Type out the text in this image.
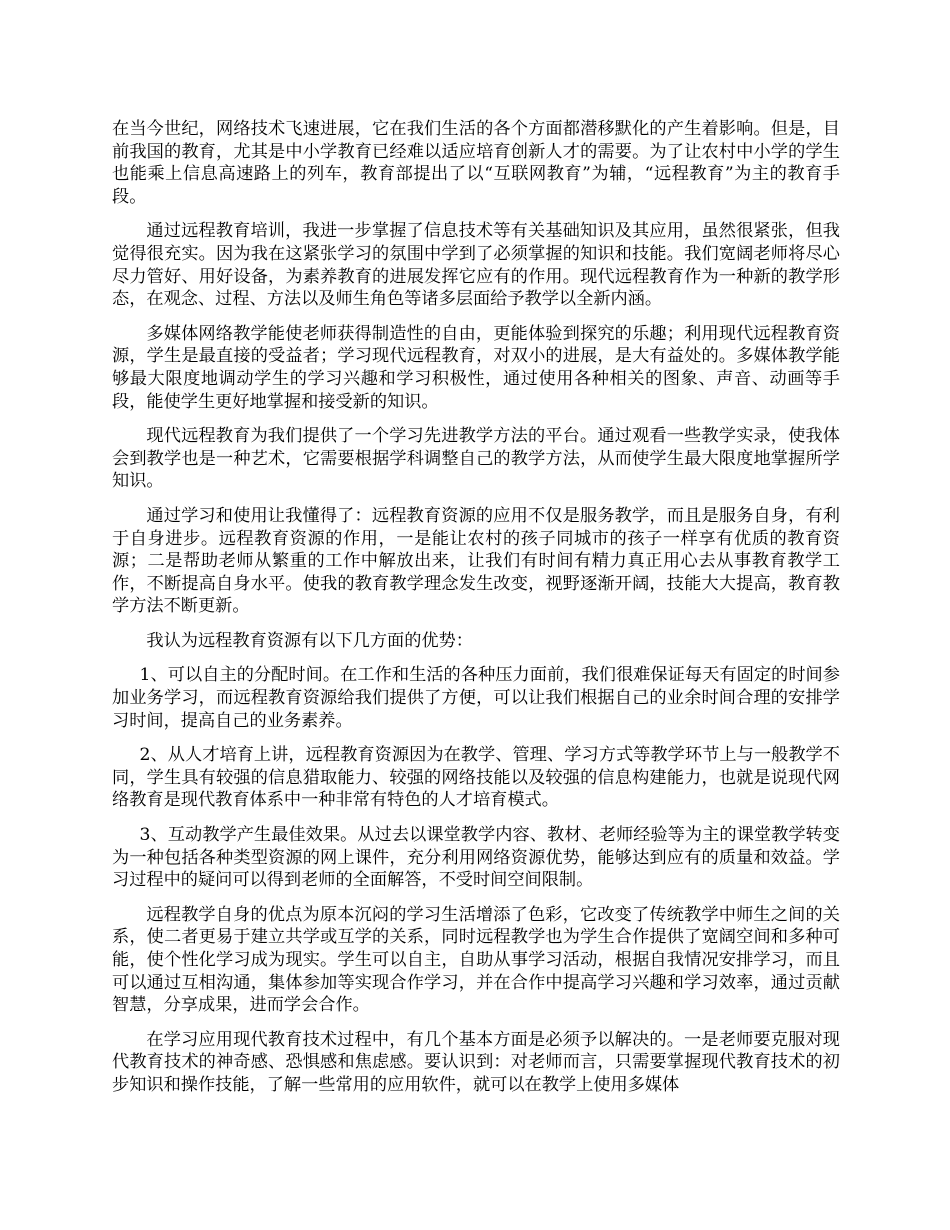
在当今世纪，网络技术飞速进展，它在我们生活的各个方面都潜移默化的产生着影响。但是，目前我国的教育，尤其是中小学教育已经难以适应培育创新人才的需要。为了让农村中小学的学生也能乘上信息高速路上的列车，教育部提出了以“互联网教育”为辅，“远程教育”为主的教育手段。

通过远程教育培训，我进一步掌握了信息技术等有关基础知识及其应用，虽然很紧张，但我觉得很充实。因为我在这紧张学习的氛围中学到了必须掌握的知识和技能。我们宽阔老师将尽心尽力管好、用好设备，为素养教育的进展发挥它应有的作用。现代远程教育作为一种新的教学形态，在观念、过程、方法以及师生角色等诸多层面给予教学以全新内涵。

多媒体网络教学能使老师获得制造性的自由，更能体验到探究的乐趣；利用现代远程教育资源，学生是最直接的受益者；学习现代远程教育，对双小的进展，是大有益处的。多媒体教学能够最大限度地调动学生的学习兴趣和学习积极性，通过使用各种相关的图象、声音、动画等手段，能使学生更好地掌握和接受新的知识。

现代远程教育为我们提供了一个学习先进教学方法的平台。通过观看一些教学实录，使我体会到教学也是一种艺术，它需要根据学科调整自己的教学方法，从而使学生最大限度地掌握所学知识。

通过学习和使用让我懂得了：远程教育资源的应用不仅是服务教学，而且是服务自身，有利于自身进步。远程教育资源的作用，一是能让农村的孩子同城市的孩子一样享有优质的教育资源；二是帮助老师从繁重的工作中解放出来，让我们有时间有精力真正用心去从事教育教学工作，不断提高自身水平。使我的教育教学理念发生改变，视野逐渐开阔，技能大大提高，教育教学方法不断更新。

我认为远程教育资源有以下几方面的优势：

1、可以自主的分配时间。在工作和生活的各种压力面前，我们很难保证每天有固定的时间参加业务学习，而远程教育资源给我们提供了方便，可以让我们根据自己的业余时间合理的安排学习时间，提高自己的业务素养。

2、从人才培育上讲，远程教育资源因为在教学、管理、学习方式等教学环节上与一般教学不同，学生具有较强的信息猎取能力、较强的网络技能以及较强的信息构建能力，也就是说现代网络教育是现代教育体系中一种非常有特色的人才培育模式。

3、互动教学产生最佳效果。从过去以课堂教学内容、教材、老师经验等为主的课堂教学转变为一种包括各种类型资源的网上课件，充分利用网络资源优势，能够达到应有的质量和效益。学习过程中的疑问可以得到老师的全面解答，不受时间空间限制。

远程教学自身的优点为原本沉闷的学习生活增添了色彩，它改变了传统教学中师生之间的关系，使二者更易于建立共学或互学的关系，同时远程教学也为学生合作提供了宽阔空间和多种可能，使个性化学习成为现实。学生可以自主，自助从事学习活动，根据自我情况安排学习，而且可以通过互相沟通，集体参加等实现合作学习，并在合作中提高学习兴趣和学习效率，通过贡献智慧，分享成果，进而学会合作。

在学习应用现代教育技术过程中，有几个基本方面是必须予以解决的。一是老师要克服对现代教育技术的神奇感、恐惧感和焦虑感。要认识到：对老师而言，只需要掌握现代教育技术的初步知识和操作技能，了解一些常用的应用软件，就可以在教学上使用多媒体
